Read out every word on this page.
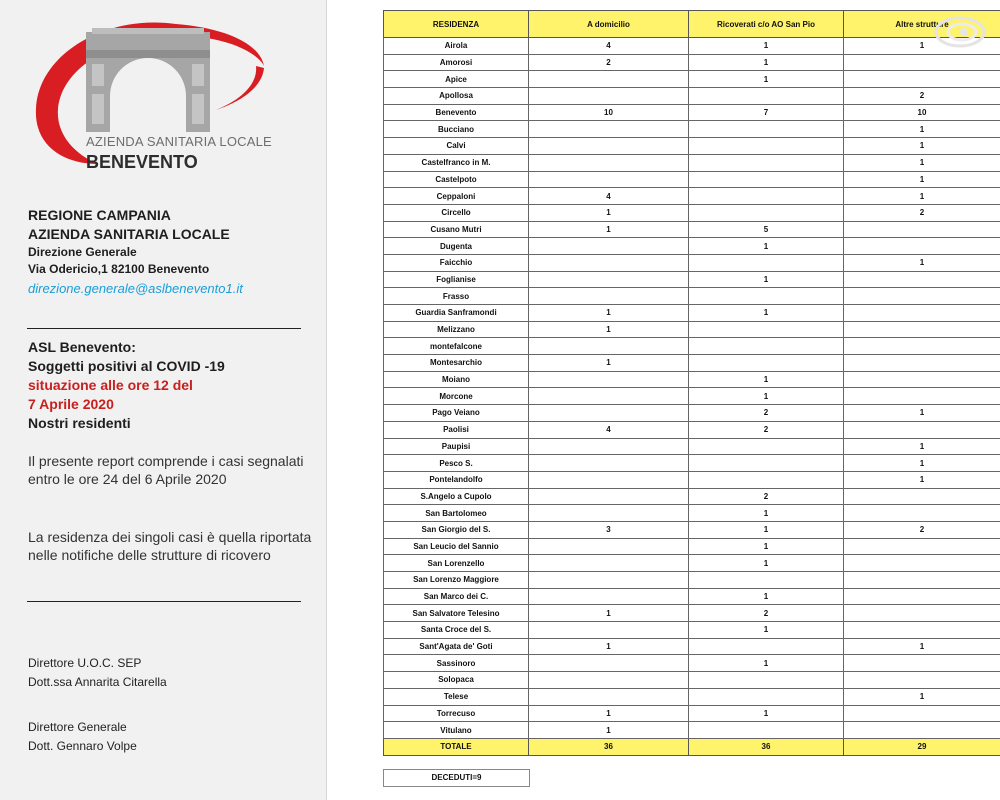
AZIENDA SANITARIA LOCALE
BENEVENTO
REGIONE CAMPANIA
AZIENDA SANITARIA LOCALE
Direzione Generale
Via Odericio,1 82100 Benevento
direzione.generale@aslbenevento1.it
ASL Benevento:
Soggetti positivi al COVID -19
situazione alle ore 12 del
7 Aprile 2020
Nostri residenti
Il presente report comprende i casi segnalati entro le ore 24 del 6 Aprile 2020
La residenza dei singoli casi è quella riportata nelle notifiche delle strutture di ricovero
Direttore U.O.C. SEP
Dott.ssa Annarita Citarella
Direttore Generale
Dott. Gennaro Volpe
RESIDENZA	A domicilio	Ricoverati c/o AO San Pio	Altre strutture
Airola	4	1	1
Amorosi	2	1	
Apice		1	
Apollosa			2
Benevento	10	7	10
Bucciano			1
Calvi			1
Castelfranco in M.			1
Castelpoto			1
Ceppaloni	4		1
Circello	1		2
Cusano Mutri	1	5	
Dugenta		1	
Faicchio			1
Foglianise		1	
Frasso			
Guardia Sanframondi	1	1	
Melizzano	1		
montefalcone			
Montesarchio	1		
Moiano		1	
Morcone		1	
Pago Veiano		2	1
Paolisi	4	2	
Paupisi			1
Pesco S.			1
Pontelandolfo			1
S.Angelo a Cupolo		2	
San Bartolomeo		1	
San Giorgio del S.	3	1	2
San Leucio del Sannio		1	
San Lorenzello		1	
San Lorenzo Maggiore			
San Marco dei C.		1	
San Salvatore Telesino	1	2	
Santa Croce del S.		1	
Sant'Agata de' Goti	1		1
Sassinoro		1	
Solopaca			
Telese			1
Torrecuso	1	1	
Vitulano	1		
TOTALE	36	36	29
DECEDUTI=9
